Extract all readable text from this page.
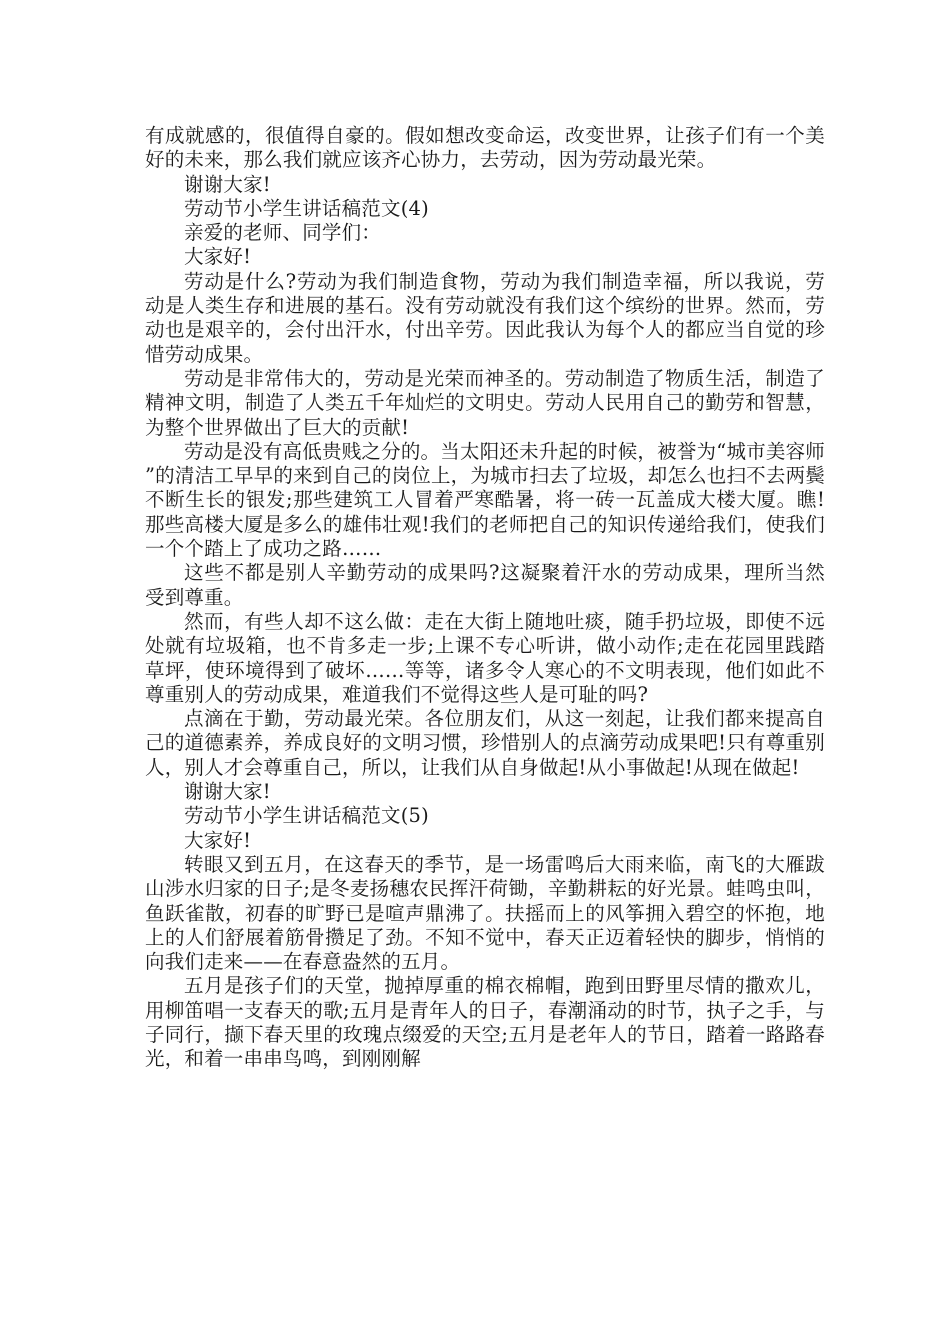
有成就感的，很值得自豪的。假如想改变命运，改变世界，让孩子们有一个美好的未来，那么我们就应该齐心协力，去劳动，因为劳动最光荣。

谢谢大家!

劳动节小学生讲话稿范文(4)

亲爱的老师、同学们：

大家好!

劳动是什么?劳动为我们制造食物，劳动为我们制造幸福，所以我说，劳动是人类生存和进展的基石。没有劳动就没有我们这个缤纷的世界。然而，劳动也是艰辛的，会付出汗水，付出辛劳。因此我认为每个人的都应当自觉的珍惜劳动成果。

劳动是非常伟大的，劳动是光荣而神圣的。劳动制造了物质生活，制造了精神文明，制造了人类五千年灿烂的文明史。劳动人民用自己的勤劳和智慧，为整个世界做出了巨大的贡献!

劳动是没有高低贵贱之分的。当太阳还未升起的时候，被誉为“城市美容师”的清洁工早早的来到自己的岗位上，为城市扫去了垃圾，却怎么也扫不去两鬓不断生长的银发;那些建筑工人冒着严寒酷暑，将一砖一瓦盖成大楼大厦。瞧!那些高楼大厦是多么的雄伟壮观!我们的老师把自己的知识传递给我们，使我们一个个踏上了成功之路……

这些不都是别人辛勤劳动的成果吗?这凝聚着汗水的劳动成果，理所当然受到尊重。

然而，有些人却不这么做：走在大街上随地吐痰，随手扔垃圾，即使不远处就有垃圾箱，也不肯多走一步;上课不专心听讲，做小动作;走在花园里践踏草坪，使环境得到了破坏……等等，诸多令人寒心的不文明表现，他们如此不尊重别人的劳动成果，难道我们不觉得这些人是可耻的吗?

点滴在于勤，劳动最光荣。各位朋友们，从这一刻起，让我们都来提高自己的道德素养，养成良好的文明习惯，珍惜别人的点滴劳动成果吧!只有尊重别人，别人才会尊重自己，所以，让我们从自身做起!从小事做起!从现在做起!

谢谢大家!

劳动节小学生讲话稿范文(5)

大家好!

转眼又到五月，在这春天的季节，是一场雷鸣后大雨来临，南飞的大雁跋山涉水归家的日子;是冬麦扬穗农民挥汗荷锄，辛勤耕耘的好光景。蛙鸣虫叫，鱼跃雀散，初春的旷野已是喧声鼎沸了。扶摇而上的风筝拥入碧空的怀抱，地上的人们舒展着筋骨攒足了劲。不知不觉中，春天正迈着轻快的脚步，悄悄的向我们走来——在春意盎然的五月。

五月是孩子们的天堂，抛掉厚重的棉衣棉帽，跑到田野里尽情的撒欢儿，用柳笛唱一支春天的歌;五月是青年人的日子，春潮涌动的时节，执子之手，与子同行，撷下春天里的玫瑰点缀爱的天空;五月是老年人的节日，踏着一路路春光，和着一串串鸟鸣，到刚刚解
